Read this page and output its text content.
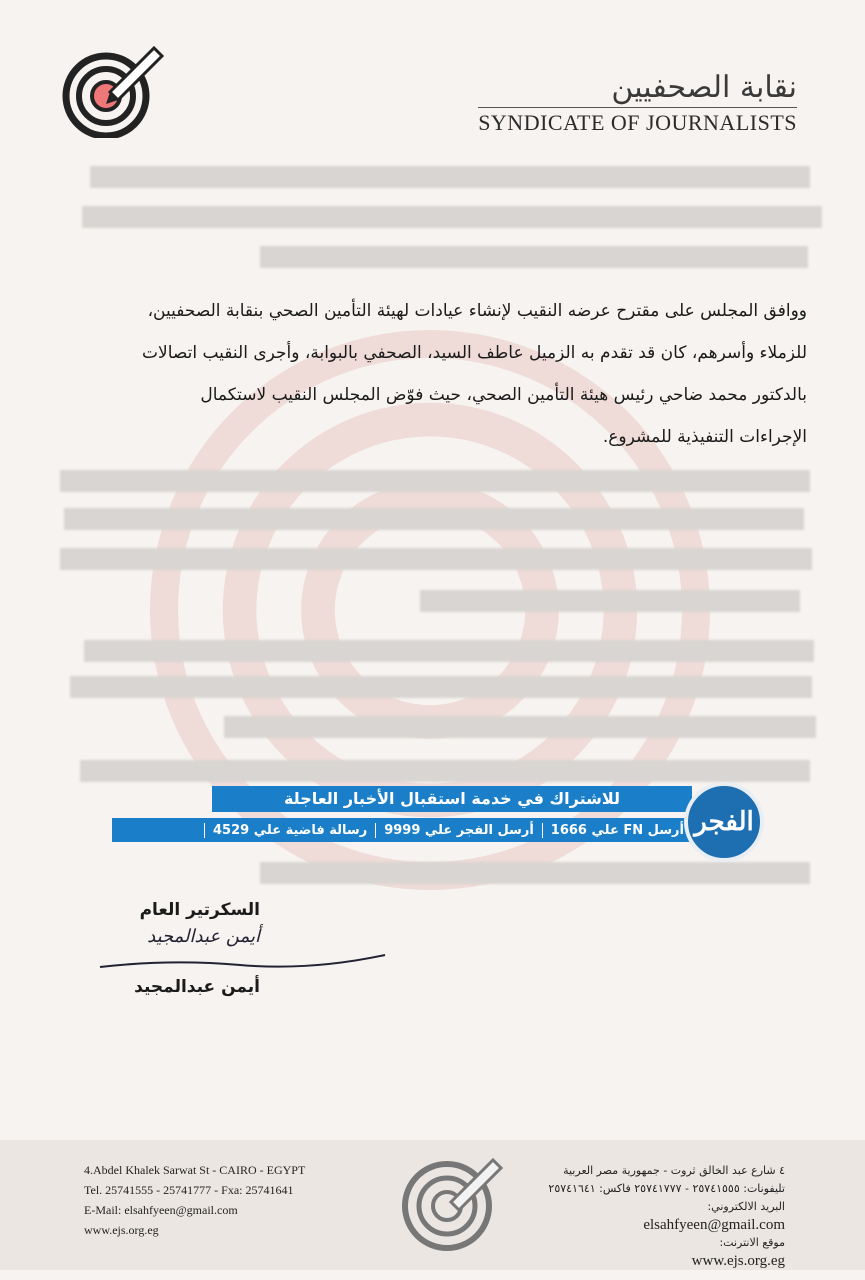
نقابة الصحفيين
SYNDICATE OF JOURNALISTS
ووافق المجلس على مقترح عرضه النقيب لإنشاء عيادات لهيئة التأمين الصحي بنقابة الصحفيين،
للزملاء وأسرهم، كان قد تقدم به الزميل عاطف السيد، الصحفي بالبوابة، وأجرى النقيب اتصالات
بالدكتور محمد ضاحي رئيس هيئة التأمين الصحي، حيث فوّض المجلس النقيب لاستكمال
الإجراءات التنفيذية للمشروع.
للاشتراك في خدمة استقبال الأخبار العاجلة
أرسل FN علي 1666
أرسل الفجر علي 9999
رسالة فاضية علي 4529	الفجر
السكرتير العام
أيمن عبدالمجيد
أيمن عبدالمجيد
4.Abdel Khalek Sarwat St - CAIRO - EGYPT
Tel. 25741555 - 25741777 - Fxa: 25741641
E-Mail: elsahfyeen@gmail.com
www.ejs.org.eg
٤ شارع عبد الخالق ثروت - جمهورية مصر العربية
تليفونات: ٢٥٧٤١٥٥٥ - ٢٥٧٤١٧٧٧ فاكس: ٢٥٧٤١٦٤١
البريد الالكتروني:
elsahfyeen@gmail.com
موقع الانترنت:
www.ejs.org.eg
